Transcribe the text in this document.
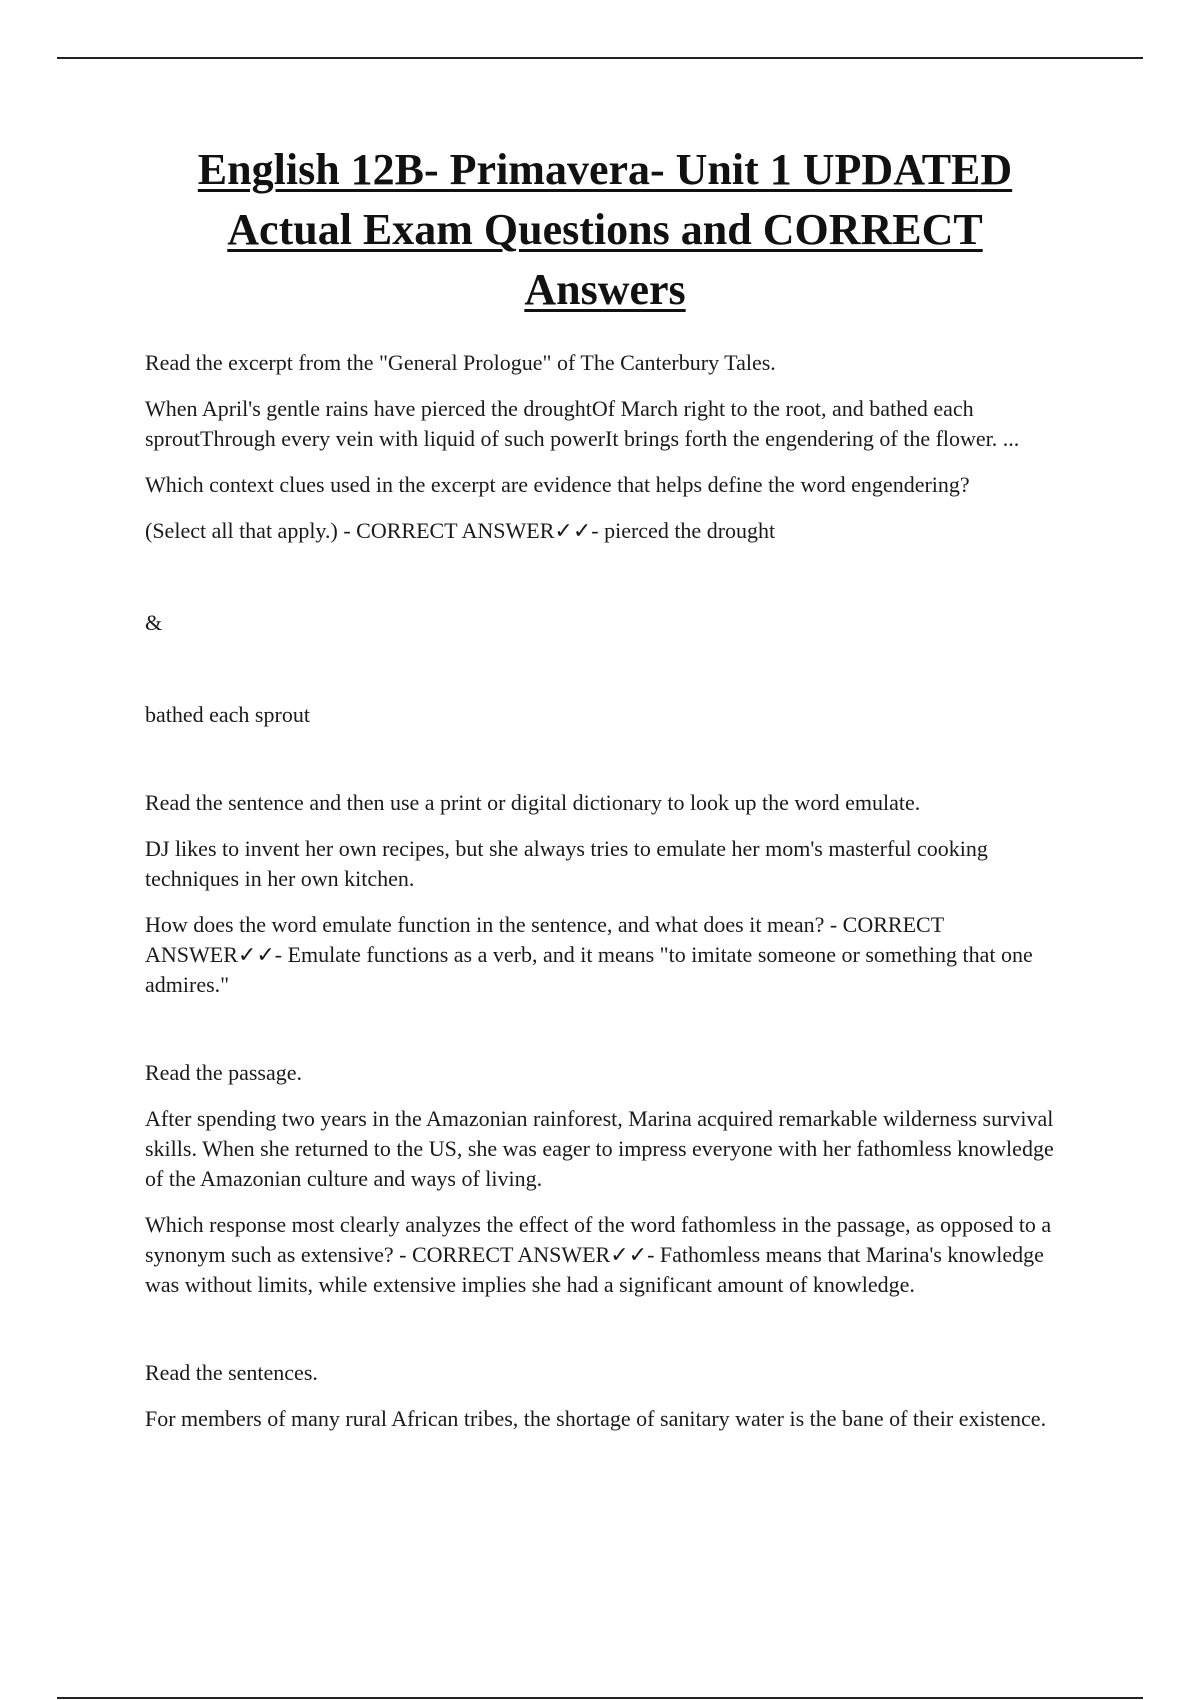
English 12B- Primavera- Unit 1 UPDATED Actual Exam Questions and CORRECT Answers

Read the excerpt from the "General Prologue" of The Canterbury Tales.

When April's gentle rains have pierced the droughtOf March right to the root, and bathed each sproutThrough every vein with liquid of such powerIt brings forth the engendering of the flower. ...

Which context clues used in the excerpt are evidence that helps define the word engendering?

(Select all that apply.) - CORRECT ANSWER✓✓- pierced the drought

&

bathed each sprout

Read the sentence and then use a print or digital dictionary to look up the word emulate.

DJ likes to invent her own recipes, but she always tries to emulate her mom's masterful cooking techniques in her own kitchen.

How does the word emulate function in the sentence, and what does it mean? - CORRECT ANSWER✓✓- Emulate functions as a verb, and it means "to imitate someone or something that one admires."

Read the passage.

After spending two years in the Amazonian rainforest, Marina acquired remarkable wilderness survival skills. When she returned to the US, she was eager to impress everyone with her fathomless knowledge of the Amazonian culture and ways of living.

Which response most clearly analyzes the effect of the word fathomless in the passage, as opposed to a synonym such as extensive? - CORRECT ANSWER✓✓- Fathomless means that Marina's knowledge was without limits, while extensive implies she had a significant amount of knowledge.

Read the sentences.

For members of many rural African tribes, the shortage of sanitary water is the bane of their existence.
